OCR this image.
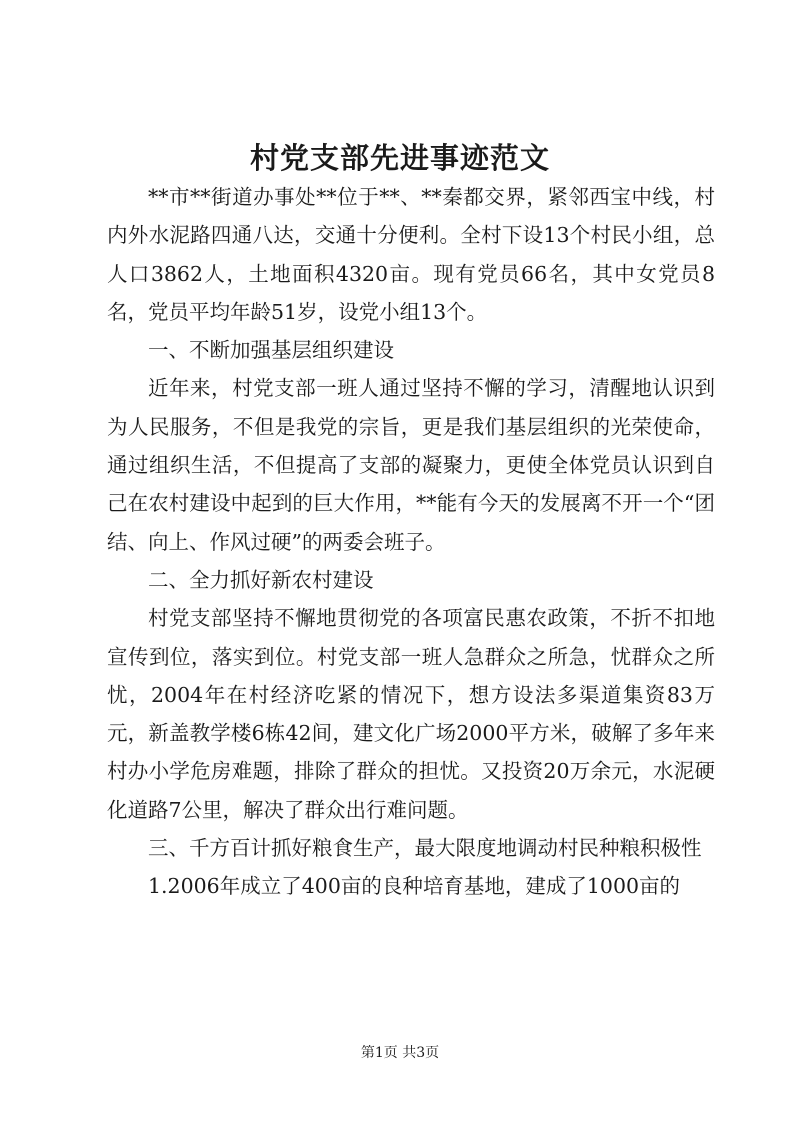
村党支部先进事迹范文

**市**街道办事处**位于**、**秦都交界，紧邻西宝中线，村内外水泥路四通八达，交通十分便利。全村下设13个村民小组，总人口3862人，土地面积4320亩。现有党员66名，其中女党员8名，党员平均年龄51岁，设党小组13个。

一、不断加强基层组织建设

近年来，村党支部一班人通过坚持不懈的学习，清醒地认识到为人民服务，不但是我党的宗旨，更是我们基层组织的光荣使命，通过组织生活，不但提高了支部的凝聚力，更使全体党员认识到自己在农村建设中起到的巨大作用，**能有今天的发展离不开一个“团结、向上、作风过硬”的两委会班子。

二、全力抓好新农村建设

村党支部坚持不懈地贯彻党的各项富民惠农政策，不折不扣地宣传到位，落实到位。村党支部一班人急群众之所急，忧群众之所忧，2004年在村经济吃紧的情况下，想方设法多渠道集资83万元，新盖教学楼6栋42间，建文化广场2000平方米，破解了多年来村办小学危房难题，排除了群众的担忧。又投资20万余元，水泥硬化道路7公里，解决了群众出行难问题。

三、千方百计抓好粮食生产，最大限度地调动村民种粮积极性

1.2006年成立了400亩的良种培育基地，建成了1000亩的

第1页 共3页
